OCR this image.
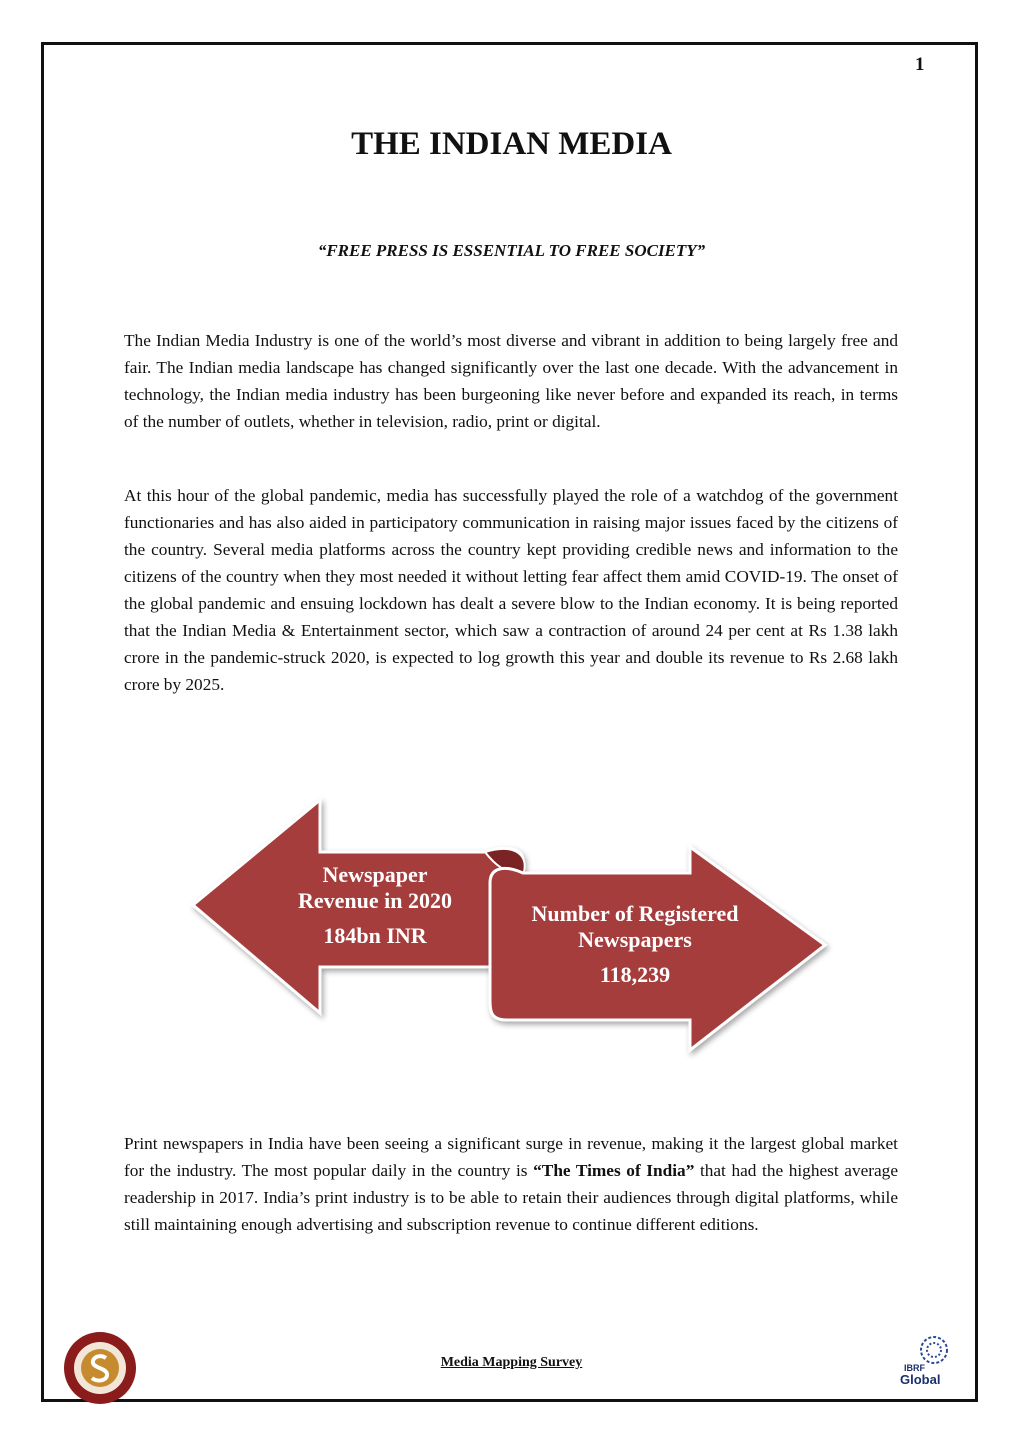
1
THE INDIAN MEDIA
“FREE PRESS IS ESSENTIAL TO FREE SOCIETY”

The Indian Media Industry is one of the world’s most diverse and vibrant in addition to being largely free and fair. The Indian media landscape has changed significantly over the last one decade. With the advancement in technology, the Indian media industry has been burgeoning like never before and expanded its reach, in terms of the number of outlets, whether in television, radio, print or digital.

At this hour of the global pandemic, media has successfully played the role of a watchdog of the government functionaries and has also aided in participatory communication in raising major issues faced by the citizens of the country. Several media platforms across the country kept providing credible news and information to the citizens of the country when they most needed it without letting fear affect them amid COVID-19. The onset of the global pandemic and ensuing lockdown has dealt a severe blow to the Indian economy. It is being reported that the Indian Media & Entertainment sector, which saw a contraction of around 24 per cent at Rs 1.38 lakh crore in the pandemic-struck 2020, is expected to log growth this year and double its revenue to Rs 2.68 lakh crore by 2025.

Newspaper
Revenue in 2020
184bn INR
Number of Registered
Newspapers
118,239

Print newspapers in India have been seeing a significant surge in revenue, making it the largest global market for the industry. The most popular daily in the country is “The Times of India” that had the highest average readership in 2017. India’s print industry is to be able to retain their audiences through digital platforms, while still maintaining enough advertising and subscription revenue to continue different editions.

IBRF
Global
Media Mapping Survey
